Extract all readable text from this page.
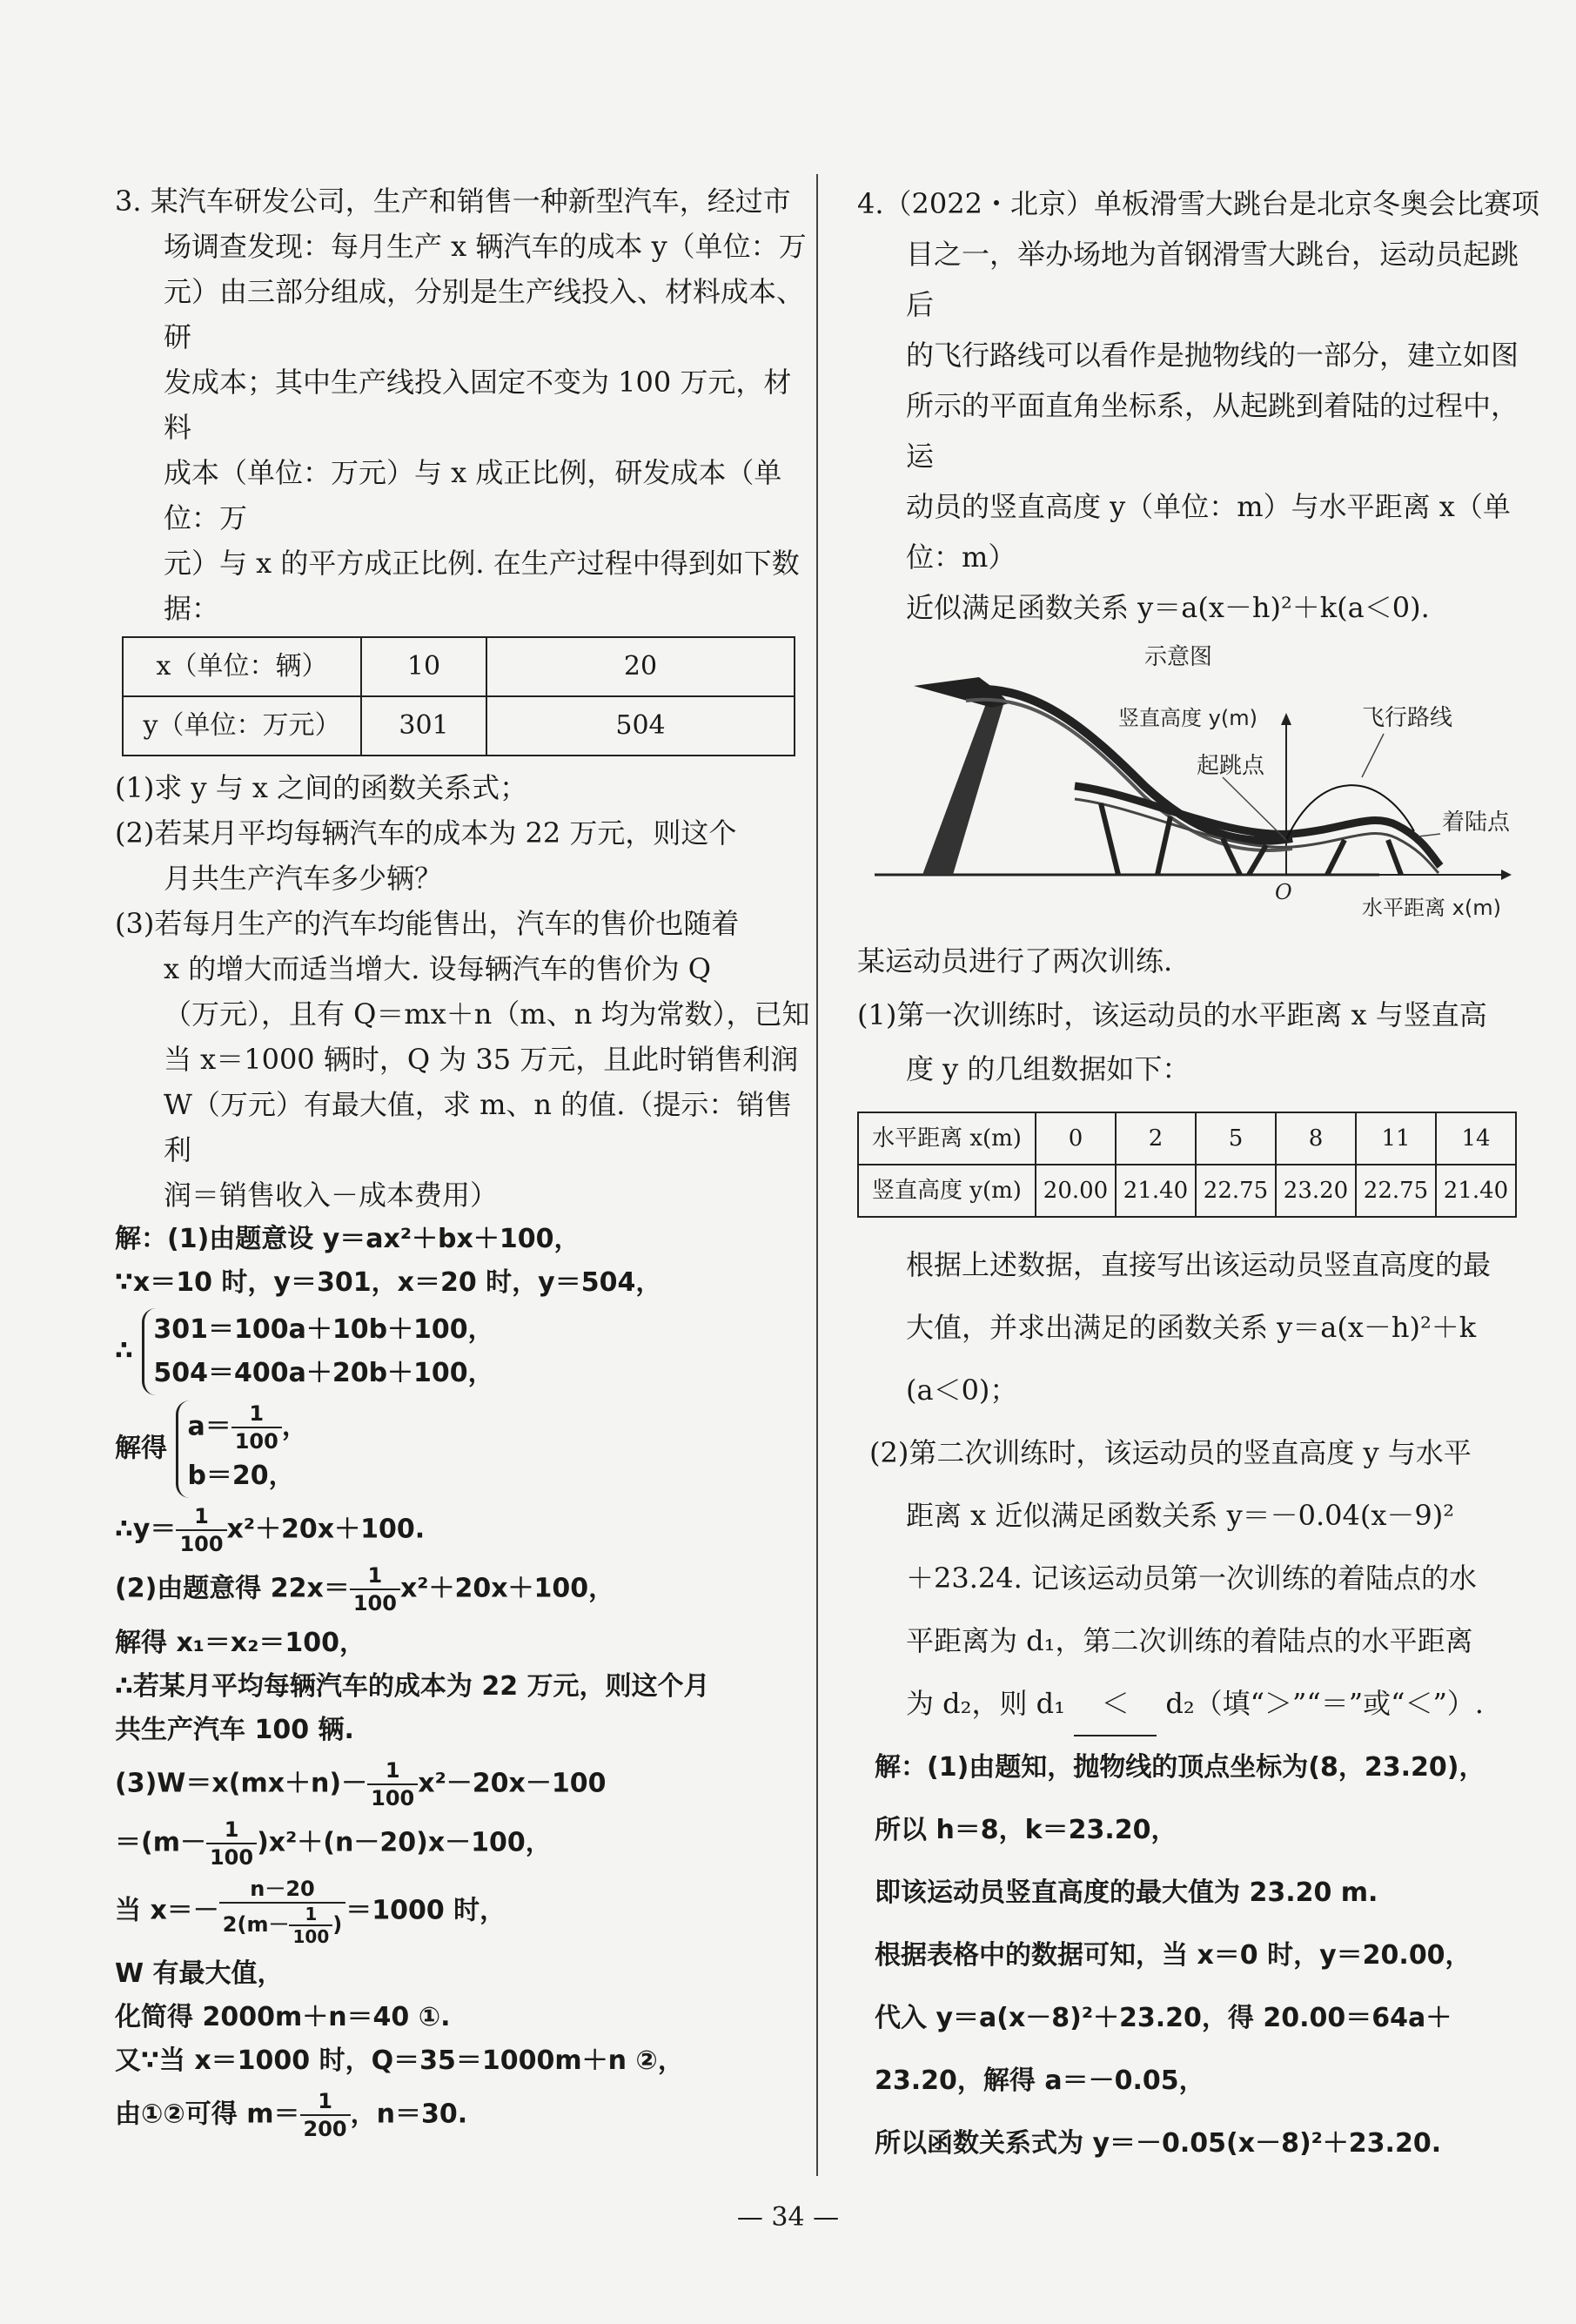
3. 某汽车研发公司，生产和销售一种新型汽车，经过市

场调查发现：每月生产 x 辆汽车的成本 y（单位：万

元）由三部分组成，分别是生产线投入、材料成本、研

发成本；其中生产线投入固定不变为 100 万元，材料

成本（单位：万元）与 x 成正比例，研发成本（单位：万

元）与 x 的平方成正比例. 在生产过程中得到如下数

据：

x（单位：辆）	10	20
y（单位：万元）	301	504

(1)求 y 与 x 之间的函数关系式；

(2)若某月平均每辆汽车的成本为 22 万元，则这个

月共生产汽车多少辆？

(3)若每月生产的汽车均能售出，汽车的售价也随着

x 的增大而适当增大. 设每辆汽车的售价为 Q

（万元），且有 Q＝mx＋n（m、n 均为常数），已知

当 x＝1000 辆时，Q 为 35 万元，且此时销售利润

W（万元）有最大值，求 m、n 的值.（提示：销售利

润＝销售收入－成本费用）

解：(1)由题意设 y＝ax²＋bx＋100，

∵x＝10 时，y＝301，x＝20 时，y＝504，

∴
301＝100a＋10b＋100，
504＝400a＋20b＋100，
解得
$a= \frac{1}{100}$ ，
b＝20，

∴y＝ $\frac{1}{100} x^2+20x+100$.

(2)由题意得 $22x= \frac{1}{100} x^2+20x+100$，

解得 x₁＝x₂＝100，

∴若某月平均每辆汽车的成本为 22 万元，则这个月

共生产汽车 100 辆.

$(3)W=x(mx+n)- \frac{1}{100} x^2-20x-100$

$=(m- \frac{1}{100} )x^2+(n-20)x-100$，

当 $x=- \frac{n-20}{2(m- \frac{1}{100} )} =1000$ 时，

W 有最大值，

化简得 2000m＋n＝40 ①.

又∵当 x＝1000 时，Q＝35＝1000m＋n ②，

由①②可得 $m= \frac{1}{200}$ ，n＝30.

4.（2022・北京）单板滑雪大跳台是北京冬奥会比赛项

目之一，举办场地为首钢滑雪大跳台，运动员起跳后

的飞行路线可以看作是抛物线的一部分，建立如图

所示的平面直角坐标系，从起跳到着陆的过程中，运

动员的竖直高度 y（单位：m）与水平距离 x（单位：m）

近似满足函数关系 y＝a(x－h)²＋k(a＜0).

示意图
竖直高度 y(m)	飞行路线
起跳点
着陆点
O
水平距离 x(m)

某运动员进行了两次训练.

(1)第一次训练时，该运动员的水平距离 x 与竖直高

度 y 的几组数据如下：

水平距离 x(m)	0	2	5	8	11	14
竖直高度 y(m)	20.00	21.40	22.75	23.20	22.75	21.40

根据上述数据，直接写出该运动员竖直高度的最

大值，并求出满足的函数关系 y＝a(x－h)²＋k

(a＜0)；

(2)第二次训练时，该运动员的竖直高度 y 与水平

距离 x 近似满足函数关系 y＝－0.04(x－9)²

＋23.24. 记该运动员第一次训练的着陆点的水

平距离为 d₁，第二次训练的着陆点的水平距离

为 d₂，则 d₁ ＜ d₂（填“＞”“＝”或“＜”）.

解：(1)由题知，抛物线的顶点坐标为(8，23.20)，

所以 h＝8，k＝23.20，

即该运动员竖直高度的最大值为 23.20 m.

根据表格中的数据可知，当 x＝0 时，y＝20.00，

代入 y＝a(x－8)²＋23.20，得 20.00＝64a＋

23.20，解得 a＝－0.05，

所以函数关系式为 y＝－0.05(x－8)²＋23.20.

— 34 —
